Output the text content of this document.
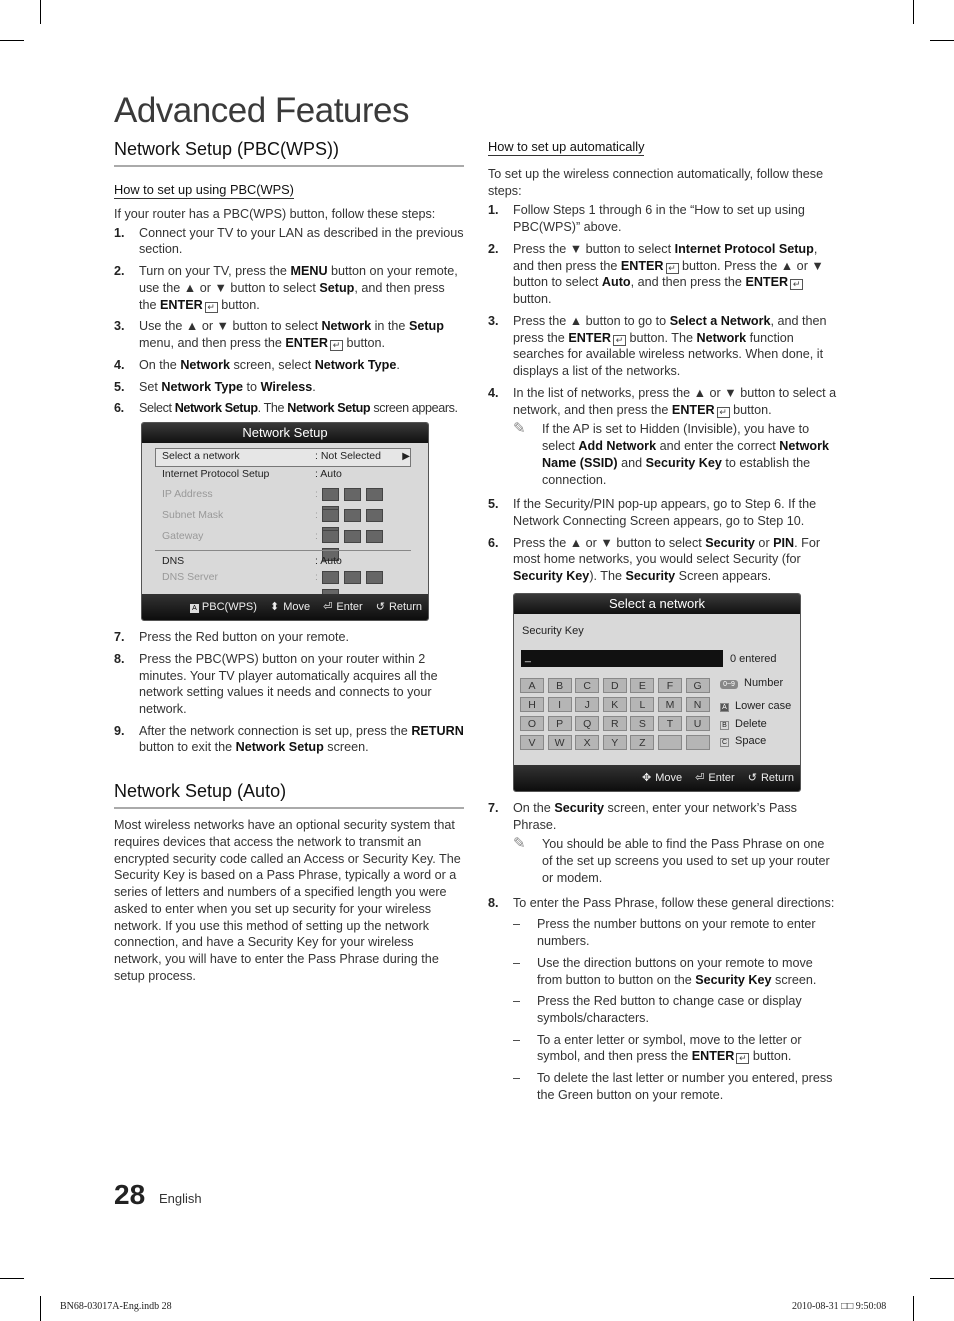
Advanced Features
Network Setup (PBC(WPS))
How to set up using PBC(WPS)

If your router has a PBC(WPS) button, follow these steps:

1. Connect your TV to your LAN as described in the previous section.
2. Turn on your TV, press the MENU button on your remote, use the ▲ or ▼ button to select Setup, and then press the ENTER ↵ button.
3. Use the ▲ or ▼ button to select Network in the Setup menu, and then press the ENTER ↵ button.
4. On the Network screen, select Network Type.
5. Set Network Type to Wireless.
6. Select Network Setup. The Network Setup screen appears.
Network Setup
Select a network	: Not Selected ▶
Internet Protocol Setup	: Auto
IP Address	:
Subnet Mask	:
Gateway	:
DNS	: Auto
DNS Server	:
A PBC(WPS) ⬍ Move ⏎ Enter ↺ Return
7. Press the Red button on your remote.
8. Press the PBC(WPS) button on your router within 2 minutes. Your TV player automatically acquires all the network setting values it needs and connects to your network.
9. After the network connection is set up, press the RETURN button to exit the Network Setup screen.
Network Setup (Auto)

Most wireless networks have an optional security system that requires devices that access the network to transmit an encrypted security code called an Access or Security Key. The Security Key is based on a Pass Phrase, typically a word or a series of letters and numbers of a specified length you were asked to enter when you set up security for your wireless network. If you use this method of setting up the network connection, and have a Security Key for your wireless network, you will have to enter the Pass Phrase during the setup process.

How to set up automatically

To set up the wireless connection automatically, follow these steps:

1. Follow Steps 1 through 6 in the “How to set up using PBC(WPS)” above.
2. Press the ▼ button to select Internet Protocol Setup, and then press the ENTER ↵ button. Press the ▲ or ▼ button to select Auto, and then press the ENTER ↵ button.
3. Press the ▲ button to go to Select a Network, and then press the ENTER ↵ button. The Network function searches for available wireless networks. When done, it displays a list of the networks.
4. In the list of networks, press the ▲ or ▼ button to select a network, and then press the ENTER ↵ button.
✎ If the AP is set to Hidden (Invisible), you have to select Add Network and enter the correct Network Name (SSID) and Security Key to establish the connection.
5. If the Security/PIN pop-up appears, go to Step 6. If the Network Connecting Screen appears, go to Step 10.
6. Press the ▲ or ▼ button to select Security or PIN. For most home networks, you would select Security (for Security Key). The Security Screen appears.
Select a network
Security Key
_	0 entered
A	B	C	D	E	F	G
H	I	J	K	L	M	N
O	P	Q	R	S	T	U
V	W	X	Y	Z
0~9 Number
A Lower case
B Delete
C Space
✥ Move ⏎ Enter ↺ Return
7. On the Security screen, enter your network’s Pass Phrase.
✎ You should be able to find the Pass Phrase on one of the set up screens you used to set up your router or modem.
8. To enter the Pass Phrase, follow these general directions:
– Press the number buttons on your remote to enter numbers.
– Use the direction buttons on your remote to move from button to button on the Security Key screen.
– Press the Red button to change case or display symbols/characters.
– To a enter letter or symbol, move to the letter or symbol, and then press the ENTER ↵ button.
– To delete the last letter or number you entered, press the Green button on your remote.
28 English
BN68-03017A-Eng.indb 28	2010-08-31 □□ 9:50:08
